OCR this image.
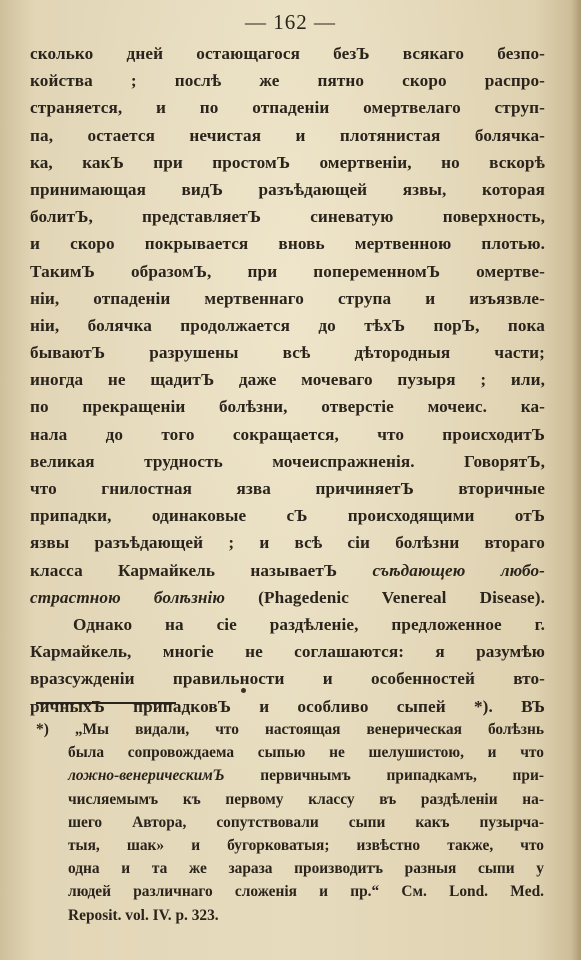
— 162 —
сколько дней остающагося безЪ всякаго безпо-
койства ; послѣ же пятно скоро распро-
страняется, и по отпаденіи омертвелаго струп-
па, остается нечистая и плотянистая болячка-
ка, какЪ при простомЪ омертвеніи, но вскорѣ
принимающая видЪ разъѣдающей язвы, которая
болитЪ, представляетЪ синеватую поверхность,
и скоро покрывается вновь мертвенною плотью.
ТакимЪ образомЪ, при попеременномЪ омертве-
ніи, отпаденіи мертвеннаго струпа и изъязвле-
ніи, болячка продолжается до тѣхЪ порЪ, пока
бываютЪ разрушены всѣ дѣтородныя части;
иногда не щадитЪ даже мочеваго пузыря ; или,
по прекращеніи болѣзни, отверстіе мочеис. ка-
нала до того сокращается, что происходитЪ
великая трудность мочеиспражненія. ГоворятЪ,
что гнилостная язва причиняетЪ вторичные
припадки, одинаковые сЪ происходящими отЪ
язвы разъѣдающей ; и всѣ сіи болѣзни втораго
класса Кармайкель называетЪ съѣдающею любо-
страстною болѣзнію (Phagedenic Venereal Disease).
Однако на сіе раздѣленіе, предложенное г.
Кармайкель, многіе не соглашаются: я разумѣю
вразсужденіи правильности и особенностей вто-
ричныхЪ припадковЪ и особливо сыпей *). ВЪ
*) „Мы видали, что настоящая венерическая болѣзнь
была сопровождаема сыпью не шелушистою, и что
ложно-венерическимЪ первичнымъ припадкамъ, при-
числяемымъ къ первому классу въ раздѣленіи на-
шего Автора, сопутствовали сыпи какъ пузырча-
тыя, шак» и бугорковатыя; извѣстно также, что
одна и та же зараза производитъ разныя сыпи у
людей различнаго сложенія и пр.“ См. Lond. Med.
Reposit. vol. IV. p. 323.
